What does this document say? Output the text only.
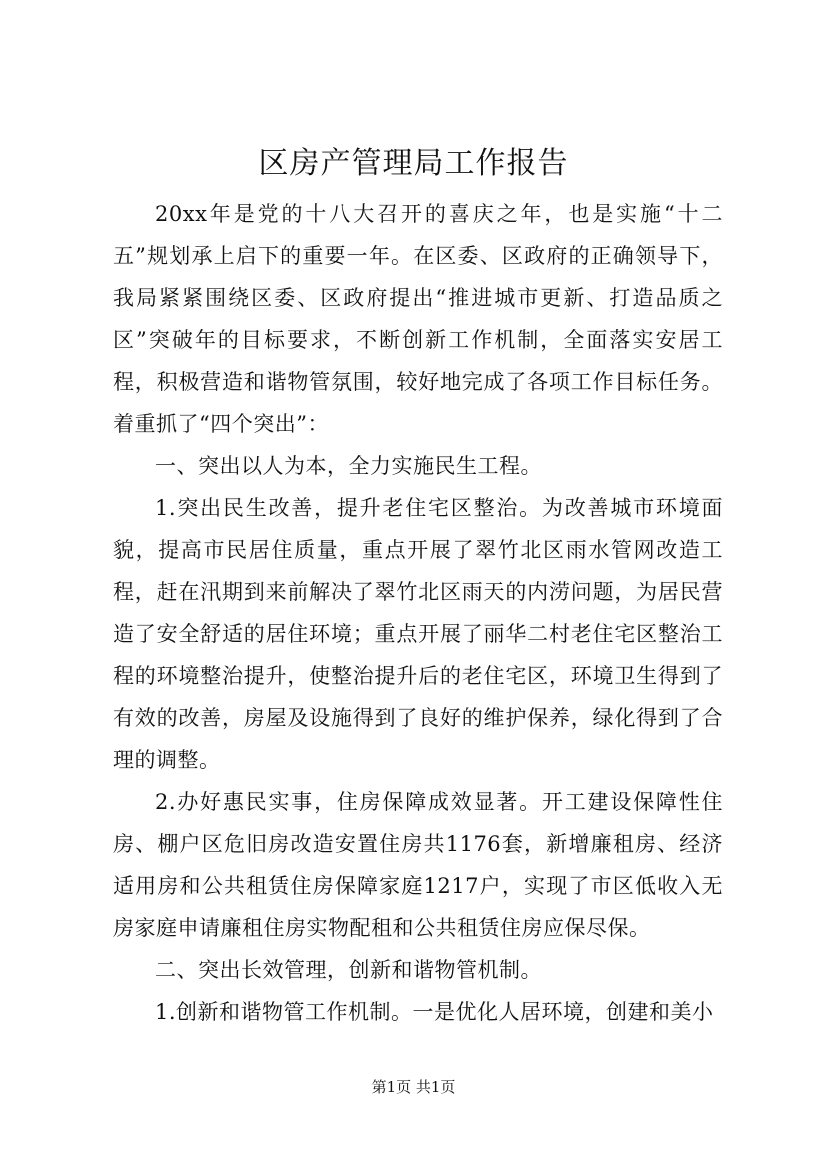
区房产管理局工作报告

20xx年是党的十八大召开的喜庆之年，也是实施“十二五”规划承上启下的重要一年。在区委、区政府的正确领导下，我局紧紧围绕区委、区政府提出“推进城市更新、打造品质之区”突破年的目标要求，不断创新工作机制，全面落实安居工程，积极营造和谐物管氛围，较好地完成了各项工作目标任务。着重抓了“四个突出”：

一、突出以人为本，全力实施民生工程。

1.突出民生改善，提升老住宅区整治。为改善城市环境面貌，提高市民居住质量，重点开展了翠竹北区雨水管网改造工程，赶在汛期到来前解决了翠竹北区雨天的内涝问题，为居民营造了安全舒适的居住环境；重点开展了丽华二村老住宅区整治工程的环境整治提升，使整治提升后的老住宅区，环境卫生得到了有效的改善，房屋及设施得到了良好的维护保养，绿化得到了合理的调整。

2.办好惠民实事，住房保障成效显著。开工建设保障性住房、棚户区危旧房改造安置住房共1176套，新增廉租房、经济适用房和公共租赁住房保障家庭1217户，实现了市区低收入无房家庭申请廉租住房实物配租和公共租赁住房应保尽保。

二、突出长效管理，创新和谐物管机制。

1.创新和谐物管工作机制。一是优化人居环境，创建和美小

第1页 共1页
